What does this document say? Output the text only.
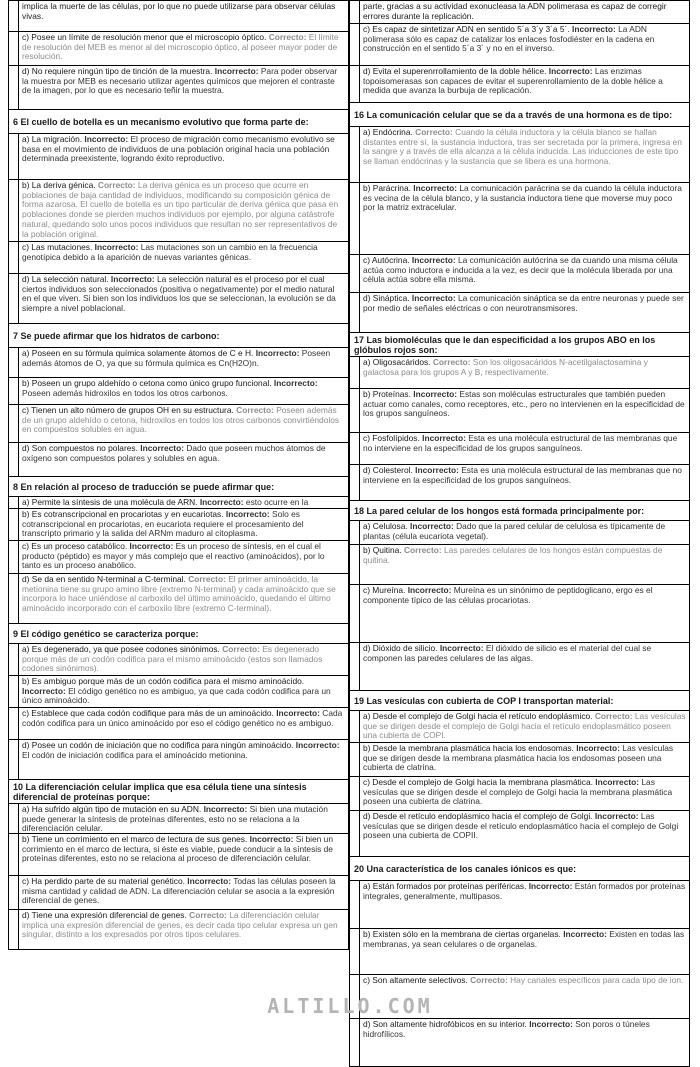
implica la muerte de las células, por lo que no puede utilizarse para observar células vivas.
c) Posee un límite de resolución menor que el microscopio óptico. Correcto: El límite de resolución del MEB es menor al del microscopio óptico, al poseer mayor poder de resolución.
d) No requiere ningún tipo de tinción de la muestra. Incorrecto: Para poder observar la muestra por MEB es necesario utilizar agentes químicos que mejoren el contraste de la imagen, por lo que es necesario teñir la muestra.
6 El cuello de botella es un mecanismo evolutivo que forma parte de:
a) La migración. Incorrecto: El proceso de migración como mecanismo evolutivo se basa en el movimiento de individuos de una población original hacia una población determinada preexistente, logrando éxito reproductivo.
b) La deriva génica. Correcto: La deriva génica es un proceso que ocurre en poblaciones de baja cantidad de individuos, modificando su composición génica de forma azarosa. El cuello de botella es un tipo particular de deriva génica que pasa en poblaciones donde se pierden muchos individuos por ejemplo, por alguna catástrofe natural, quedando solo unos pocos individuos que resultan no ser representativos de la población original.
c) Las mutaciones. Incorrecto: Las mutaciones son un cambio en la frecuencia genotípica debido a la aparición de nuevas variantes génicas.
d) La selección natural. Incorrecto: La selección natural es el proceso por el cual ciertos individuos son seleccionados (positiva o negativamente) por el medio natural en el que viven. Si bien son los individuos los que se seleccionan, la evolución se da siempre a nivel poblacional.
7 Se puede afirmar que los hidratos de carbono:
a) Poseen en su fórmula química solamente átomos de C e H. Incorrecto: Poseen además átomos de O, ya que su fórmula química es Cn(H2O)n.
b) Poseen un grupo aldehído o cetona como único grupo funcional. Incorrecto: Poseen además hidroxilos en todos los otros carbonos.
c) Tienen un alto número de grupos OH en su estructura. Correcto: Poseen además de un grupo aldehído o cetona, hidroxilos en todos los otros carbonos convirtiéndolos en compuestos solubles en agua.
d) Son compuestos no polares. Incorrecto: Dado que poseen muchos átomos de oxígeno son compuestos polares y solubles en agua.
8 En relación al proceso de traducción se puede afirmar que:
a) Permite la síntesis de una molécula de ARN. Incorrecto: esto ocurre en la
b) Es cotranscripcional en procariotas y en eucariotas. Incorrecto: Solo es cotranscripcional en procariotas, en eucariota requiere el procesamiento del transcripto primario y la salida del ARNm maduro al citoplasma.
c) Es un proceso catabólico. Incorrecto: Es un proceso de síntesis, en el cual el producto (péptido) es mayor y más complejo que el reactivo (aminoácidos), por lo tanto es un proceso anabólico.
d) Se da en sentido N-terminal a C-terminal. Correcto: El primer aminoácido, la metionina tiene su grupo amino libre (extremo N-terminal) y cada aminoácido que se incorpora lo hace uniéndose al carboxilo del último aminoácido, quedando el último aminoácido incorporado con el carboxilo libre (extremo C-terminal).
9 El código genético se caracteriza porque:
a) Es degenerado, ya que posee codones sinónimos. Correcto: Es degenerado porque más de un codón codifica para el mismo aminoácido (estos son llamados codones sinónimos).
b) Es ambiguo porque más de un codón codifica para el mismo aminoácido. Incorrecto: El código genético no es ambiguo, ya que cada codón codifica para un único aminoácido.
c) Establece que cada codón codifique para más de un aminoácido. Incorrecto: Cada codón codifica para un único aminoácido por eso el código genético no es ambiguo.
d) Posee un codón de iniciación que no codifica para ningún aminoácido. Incorrecto: El codón de iniciación codifica para el aminoácido metionina.
10 La diferenciación celular implica que esa célula tiene una síntesis diferencial de proteínas porque:
a) Ha sufrido algún tipo de mutación en su ADN. Incorrecto: Si bien una mutación puede generar la síntesis de proteínas diferentes, esto no se relaciona a la diferenciación celular.
b) Tiene un corrimiento en el marco de lectura de sus genes. Incorrecto: Si bien un corrimiento en el marco de lectura, si éste es viable, puede conducir a la síntesis de proteínas diferentes, esto no se relaciona al proceso de diferenciación celular.
c) Ha perdido parte de su material genético. Incorrecto: Todas las células poseen la misma cantidad y calidad de ADN. La diferenciación celular se asocia a la expresión diferencial de genes.
d) Tiene una expresión diferencial de genes. Correcto: La diferenciación celular implica una expresión diferencial de genes, es decir cada tipo celular expresa un gen singular, distinto a los expresados por otros tipos celulares.
parte, gracias a su actividad exonucleasa la ADN polimerasa es capaz de corregir errores durante la replicación.
c) Es capaz de sintetizar ADN en sentido 5´a 3´y 3´a 5´. Incorrecto: La ADN polimerasa sólo es capaz de catalizar los enlaces fosfodiéster en la cadena en construcción en el sentido 5´a 3´ y no en el inverso.
d) Evita el superenrrollamiento de la doble hélice. Incorrecto: Las enzimas topoisomerasas son capaces de evitar el superenrollamiento de la doble hélice a medida que avanza la burbuja de replicación.
16 La comunicación celular que se da a través de una hormona es de tipo:
a) Endócrina. Correcto: Cuando la célula inductora y la célula blanco se hallan distantes entre sí, la sustancia inductora, tras ser secretada por la primera, ingresa en la sangre y a través de ella alcanza a la célula inducida. Las inducciones de este tipo se llaman endócrinas y la sustancia que se libera es una hormona.
b) Parácrina. Incorrecto: La comunicación parácrina se da cuando la célula inductora es vecina de la célula blanco, y la sustancia inductora tiene que moverse muy poco por la matriz extracelular.
c) Autócrina. Incorrecto: La comunicación autócrina se da cuando una misma célula actúa como inductora e inducida a la vez, es decir que la molécula liberada por una célula actúa sobre ella misma.
d) Sináptica. Incorrecto: La comunicación sináptica se da entre neuronas y puede ser por medio de señales eléctricas o con neurotransmisores.
17 Las biomoléculas que le dan especificidad a los grupos ABO en los glóbulos rojos son:
a) Oligosacáridos. Correcto: Son los oligosacáridos N-acetilgalactosamina y galactosa para los grupos A y B, respectivamente.
b) Proteínas. Incorrecto: Estas son moléculas estructurales que también pueden actuar como canales, como receptores, etc., pero no intervienen en la especificidad de los grupos sanguíneos.
c) Fosfolípidos. Incorrecto: Esta es una molécula estructural de las membranas que no interviene en la especificidad de los grupos sanguíneos.
d) Colesterol. Incorrecto: Esta es una molécula estructural de las membranas que no interviene en la especificidad de los grupos sanguíneos.
18 La pared celular de los hongos está formada principalmente por:
a) Celulosa. Incorrecto: Dado que la pared celular de celulosa es típicamente de plantas (célula eucariota vegetal).
b) Quitina. Correcto: Las paredes celulares de los hongos están compuestas de quitina.
c) Mureína. Incorrecto: Mureína es un sinónimo de peptidoglicano, ergo es el componente típico de las células procariotas.
d) Dióxido de silicio. Incorrecto: El dióxido de silicio es el material del cual se componen las paredes celulares de las algas.
19 Las vesículas con cubierta de COP I transportan material:
a) Desde el complejo de Golgi hacia el retículo endoplásmico. Correcto: Las vesículas que se dirigen desde el complejo de Golgi hacia el retículo endoplasmático poseen una cubierta de COPI.
b) Desde la membrana plasmática hacia los endosomas. Incorrecto: Las vesículas que se dirigen desde la membrana plasmática hacia los endosomas poseen una cubierta de clatrina.
c) Desde el complejo de Golgi hacia la membrana plasmática. Incorrecto: Las vesículas que se dirigen desde el complejo de Golgi hacia la membrana plasmática poseen una cubierta de clatrina.
d) Desde el retículo endoplásmico hacia el complejo de Golgi. Incorrecto: Las vesículas que se dirigen desde el retículo endoplasmático hacia el complejo de Golgi poseen una cubierta de COPII.
20 Una característica de los canales iónicos es que:
a) Están formados por proteínas periféricas. Incorrecto: Están formados por proteínas integrales, generalmente, multipasos.
b) Existen sólo en la membrana de ciertas organelas. Incorrecto: Existen en todas las membranas, ya sean celulares o de organelas.
c) Son altamente selectivos. Correcto: Hay canales específicos para cada tipo de ion.
d) Son altamente hidrofóbicos en su interior. Incorrecto: Son poros o túneles hidrofílicos.
ALTILLO.COM
